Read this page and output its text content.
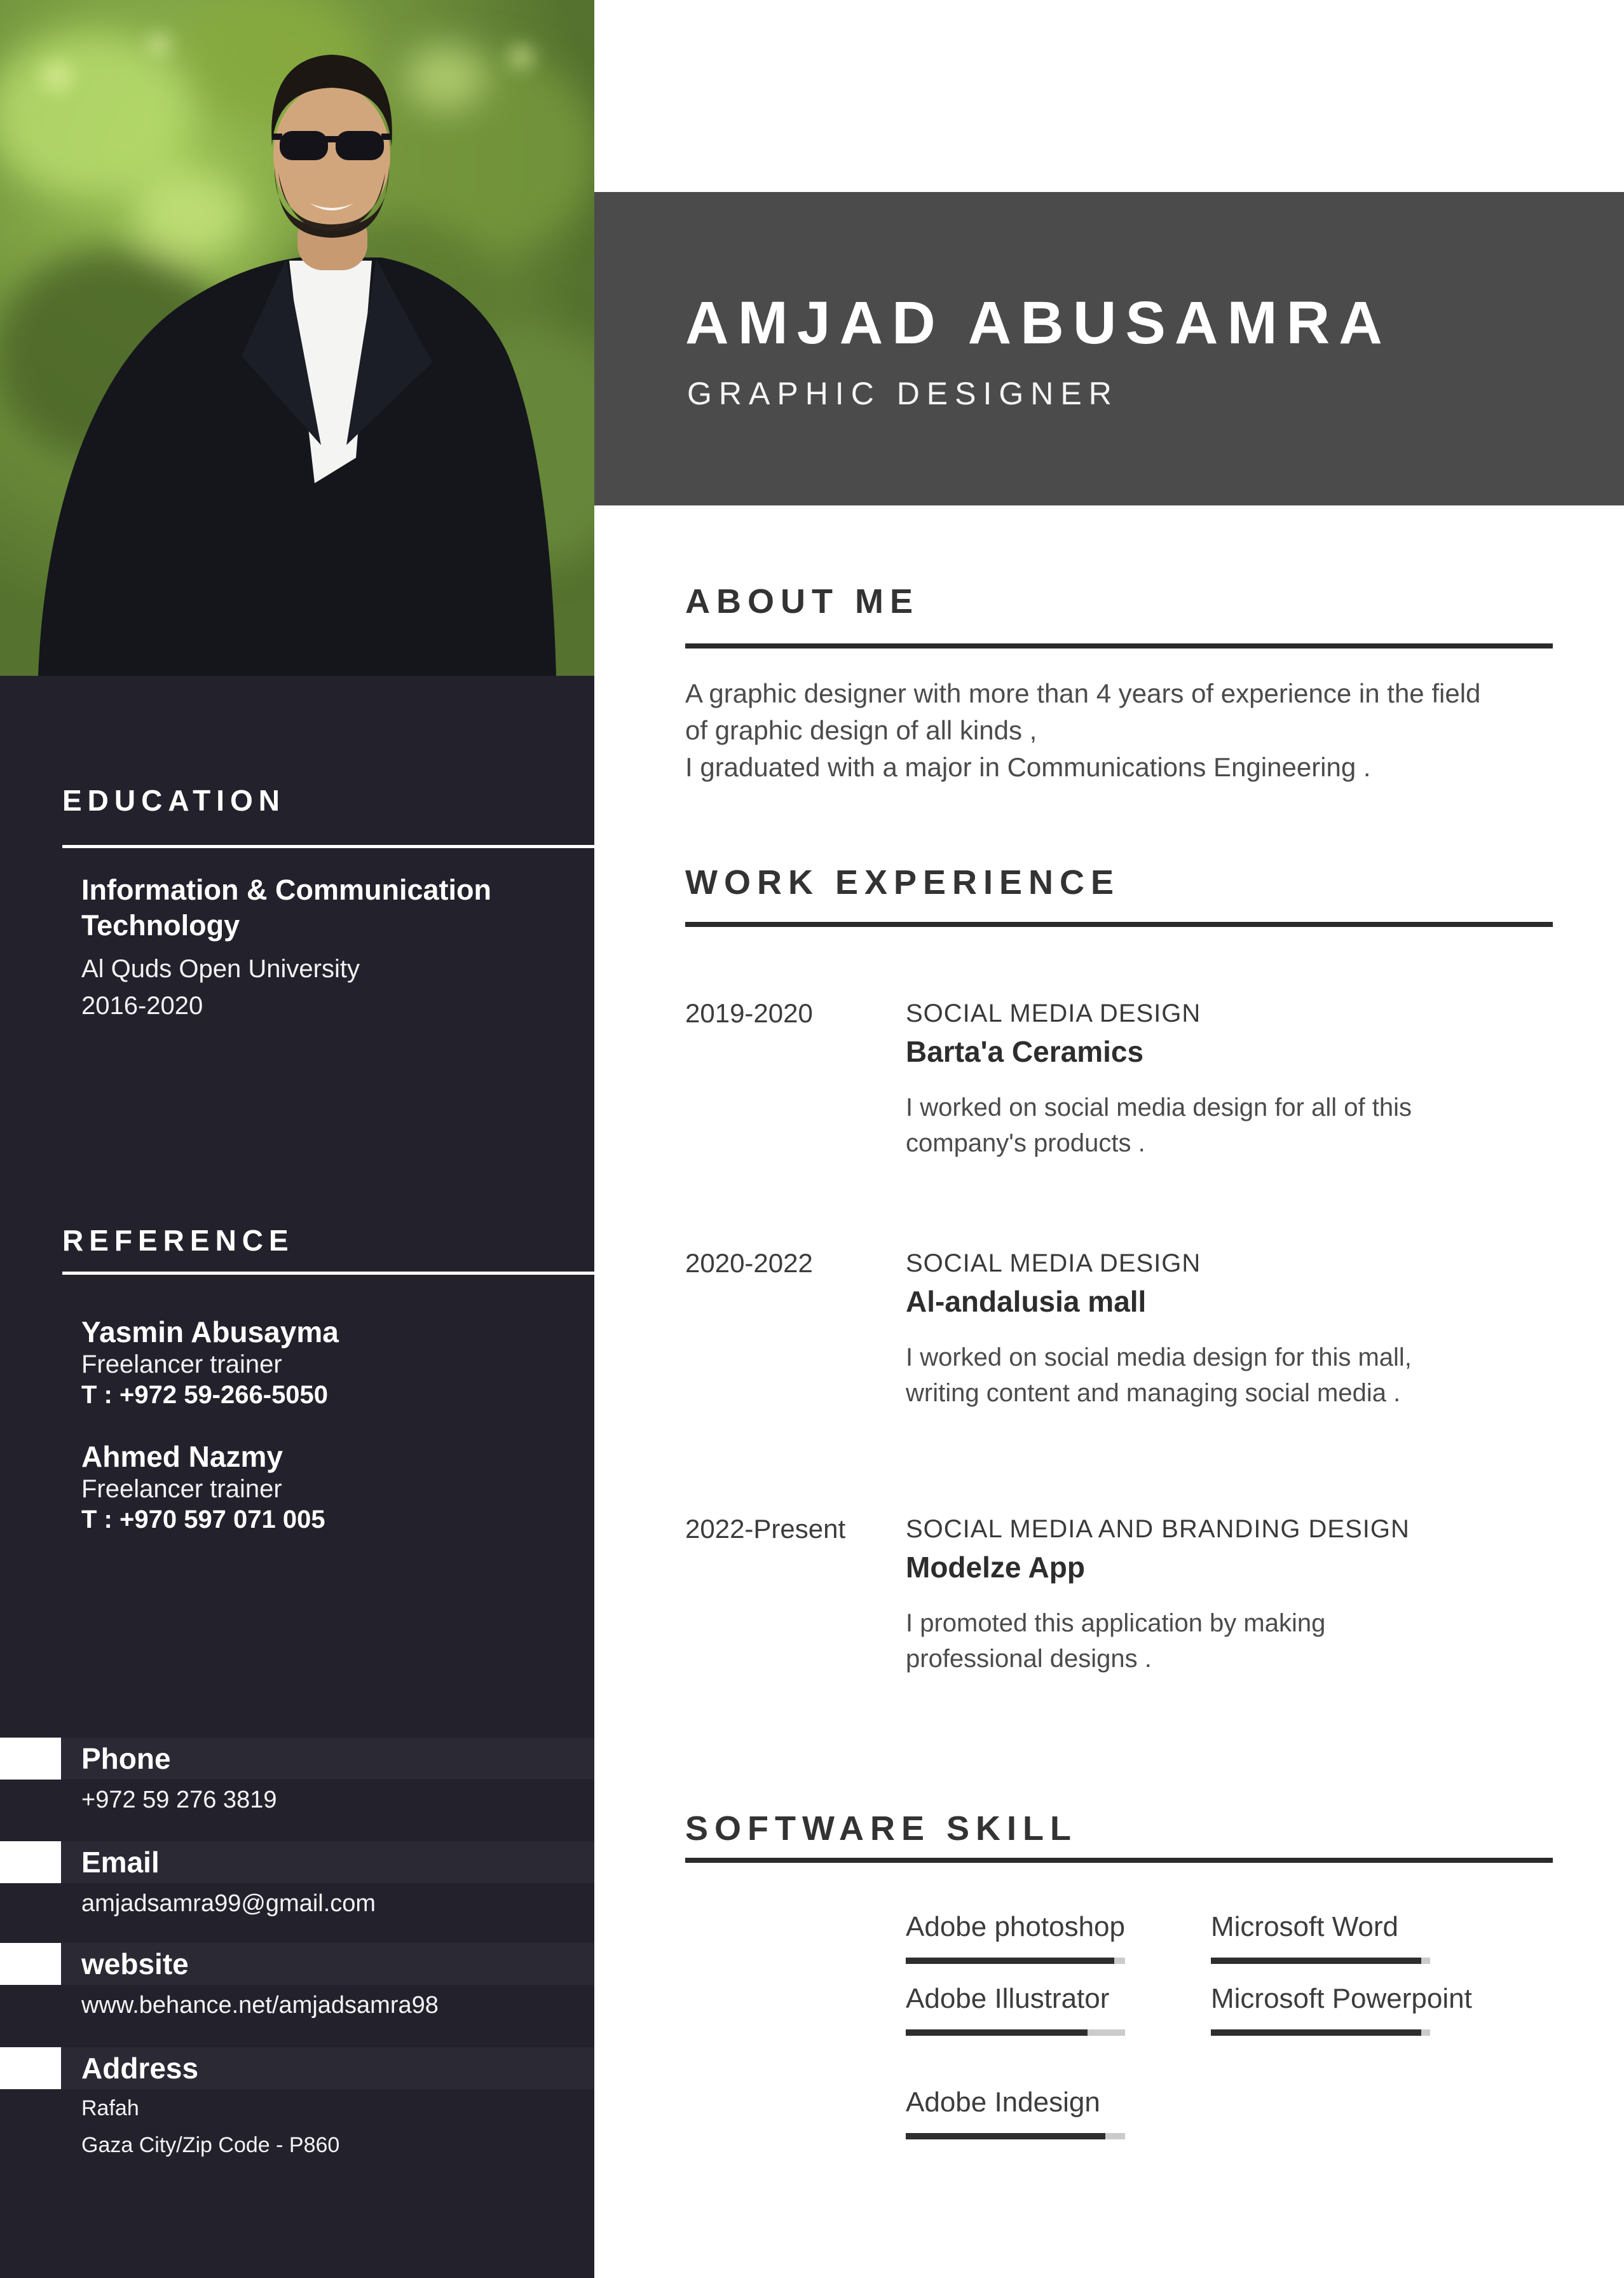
EDUCATION
Information & Communication
Technology
Al Quds Open University
2016-2020
REFERENCE
Yasmin Abusayma
Freelancer trainer
T : +972 59-266-5050
Ahmed Nazmy
Freelancer trainer
T : +970 597 071 005
Phone
+972 59 276 3819
Email
amjadsamra99@gmail.com
website
www.behance.net/amjadsamra98
Address
Rafah
Gaza City/Zip Code - P860
AMJAD ABUSAMRA
GRAPHIC DESIGNER
ABOUT ME
A graphic designer with more than 4 years of experience in the field
of graphic design of all kinds ,
I graduated with a major in Communications Engineering .
WORK EXPERIENCE
2019-2020	SOCIAL MEDIA DESIGN
Barta'a Ceramics
I worked on social media design for all of this
company's products .
2020-2022	SOCIAL MEDIA DESIGN
Al-andalusia mall
I worked on social media design for this mall,
writing content and managing social media .
2022-Present	SOCIAL MEDIA AND BRANDING DESIGN
Modelze App
I promoted this application by making
professional designs .
SOFTWARE SKILL
Adobe photoshop
Adobe Illustrator
Adobe Indesign
Microsoft Word
Microsoft Powerpoint
